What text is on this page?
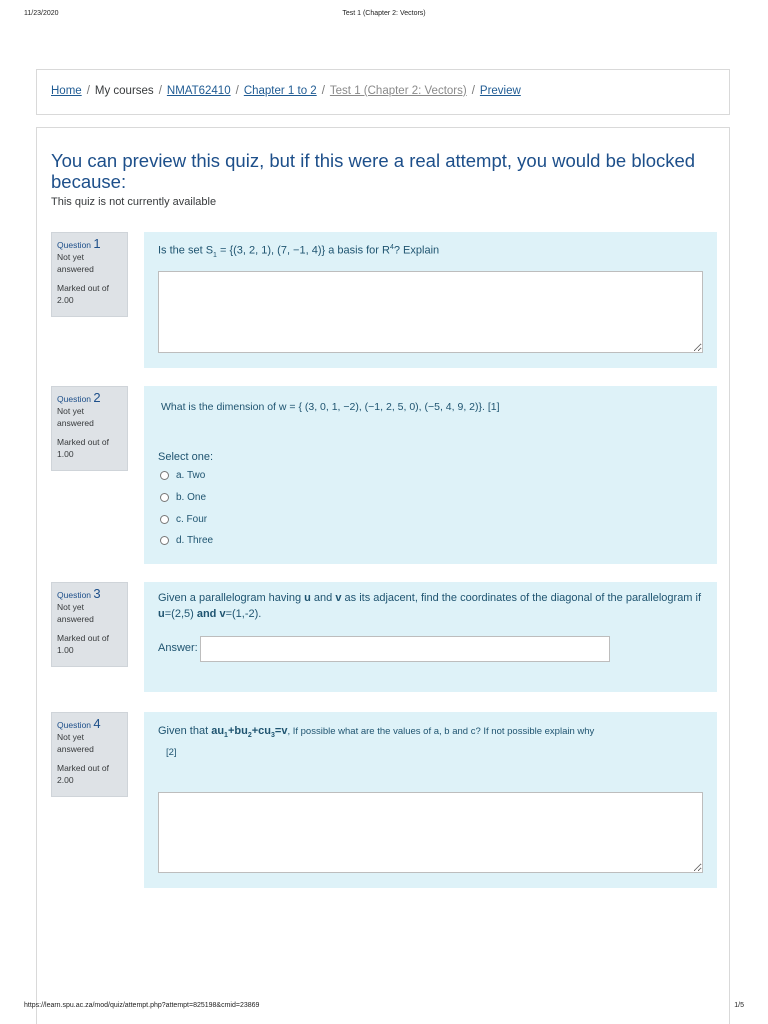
11/23/2020	Test 1 (Chapter 2: Vectors)
Home / My courses / NMAT62410 / Chapter 1 to 2 / Test 1 (Chapter 2: Vectors) / Preview
You can preview this quiz, but if this were a real attempt, you would be blocked because:
This quiz is not currently available
Question 1
Not yet answered
Marked out of 2.00
Is the set $S_1 = \{(3$, 2, 1), (7, −1, 4)} a basis for $R^4$? Explain
Question 2
Not yet answered
Marked out of 1.00
What is the dimension of w = { (3, 0, 1, −2), (−1, 2, 5, 0), (−5, 4, 9, 2)}. [1]
Select one:
a. Two
b. One
c. Four
d. Three
Question 3
Not yet answered
Marked out of 1.00
Given a parallelogram having u and v as its adjacent, find the coordinates of the diagonal of the parallelogram if
u=(2,5) and v=(1,-2).
Answer:
Question 4
Not yet answered
Marked out of 2.00
Given that $au_1+bu_2+cu_3=v$, If possible what are the values of a, b and c? If not possible explain why
[2]
https://learn.spu.ac.za/mod/quiz/attempt.php?attempt=825198&cmid=23869	1/5
